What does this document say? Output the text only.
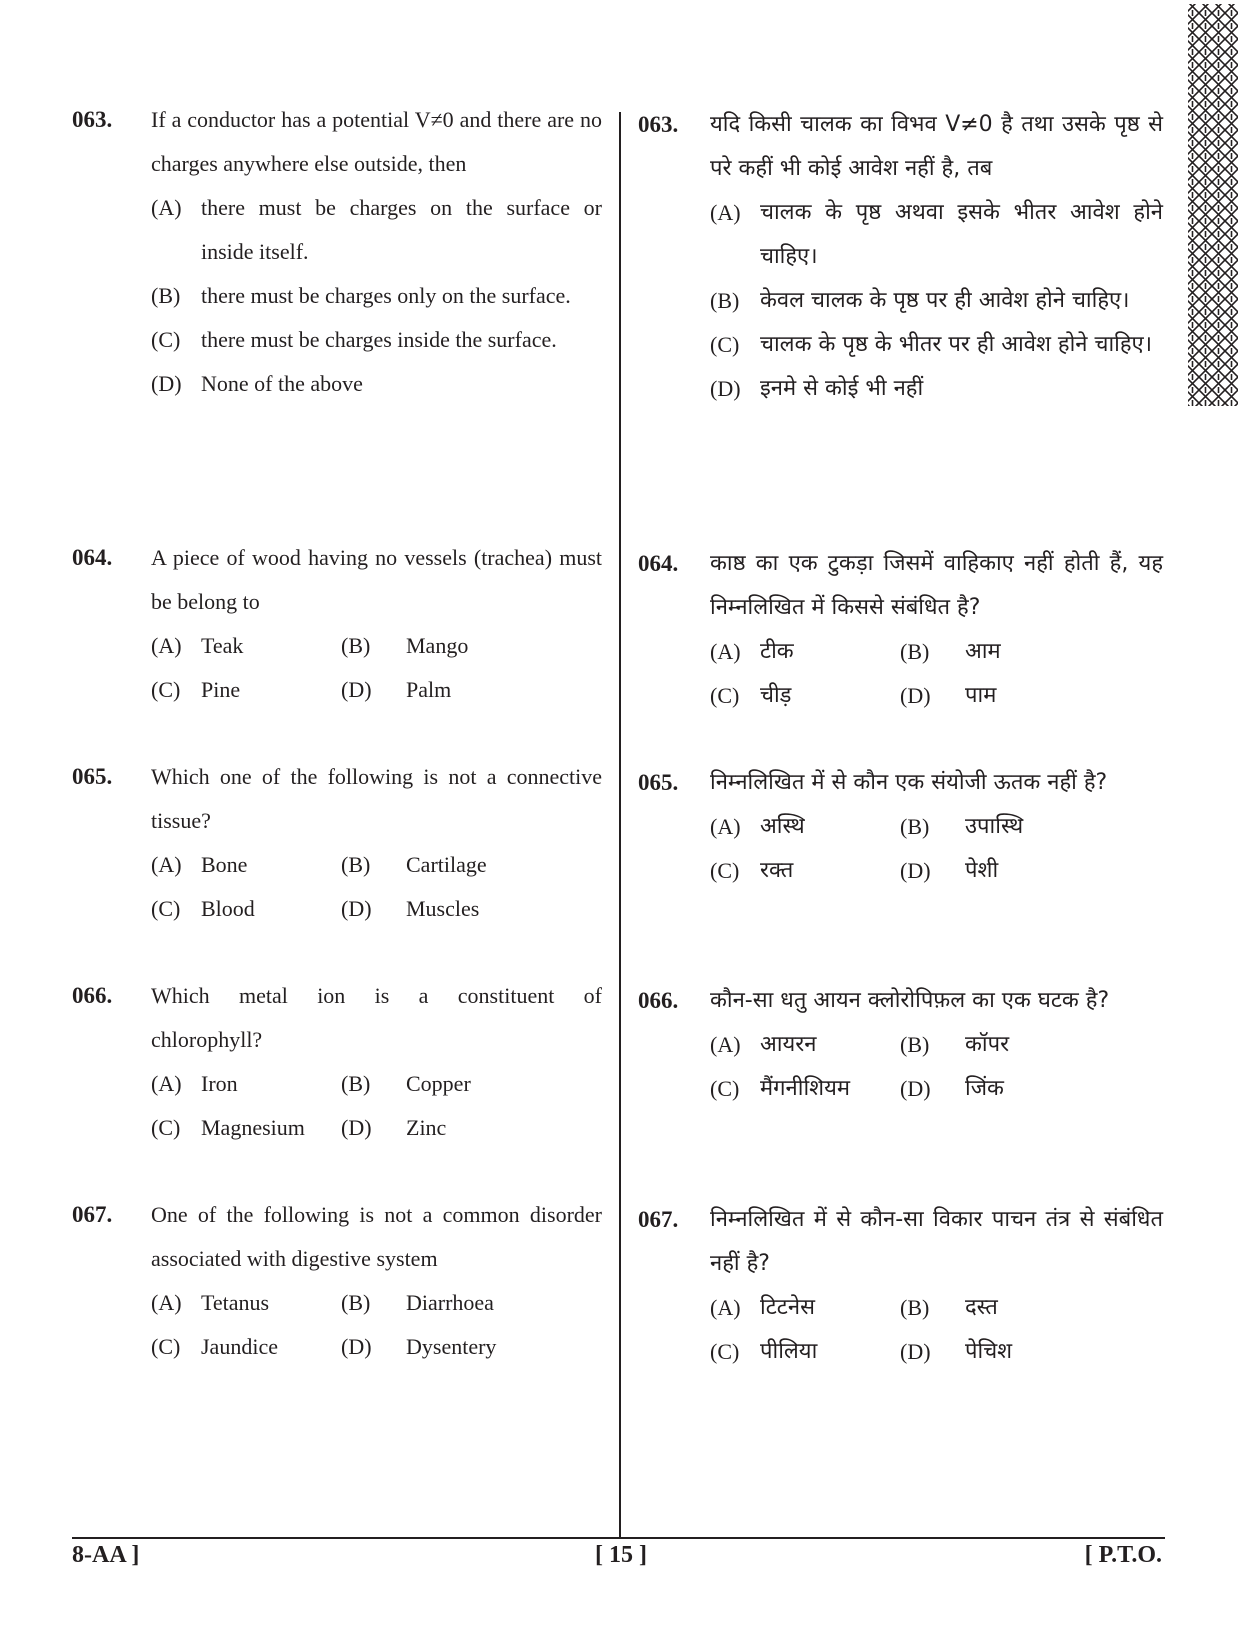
063. If a conductor has a potential V≠0 and there are no charges anywhere else outside, then
(A) there must be charges on the surface or inside itself.
(B) there must be charges only on the surface.
(C) there must be charges inside the surface.
(D) None of the above
064. A piece of wood having no vessels (trachea) must be belong to
(A) Teak	(B) Mango
(C) Pine	(D) Palm
065. Which one of the following is not a connective tissue?
(A) Bone	(B) Cartilage
(C) Blood	(D) Muscles
066. Which metal ion is a constituent of chlorophyll?
(A) Iron	(B) Copper
(C) Magnesium	(D) Zinc
067. One of the following is not a common disorder associated with digestive system
(A) Tetanus	(B) Diarrhoea
(C) Jaundice	(D) Dysentery
063. यदि किसी चालक का विभव V≠0 है तथा उसके पृष्ठ से परे कहीं भी कोई आवेश नहीं है, तब
(A) चालक के पृष्ठ अथवा इसके भीतर आवेश होने चाहिए।
(B) केवल चालक के पृष्ठ पर ही आवेश होने चाहिए।
(C) चालक के पृष्ठ के भीतर पर ही आवेश होने चाहिए।
(D) इनमे से कोई भी नहीं
064. काष्ठ का एक टुकड़ा जिसमें वाहिकाए नहीं होती हैं, यह निम्नलिखित में किससे संबंधित है?
(A) टीक	(B) आम
(C) चीड़	(D) पाम
065. निम्नलिखित में से कौन एक संयोजी ऊतक नहीं है?
(A) अस्थि	(B) उपास्थि
(C) रक्त	(D) पेशी
066. कौन-सा धतु आयन क्लोरोपिफ़ल का एक घटक है?
(A) आयरन	(B) कॉपर
(C) मैंगनीशियम	(D) जिंक
067. निम्नलिखित में से कौन-सा विकार पाचन तंत्र से संबंधित नहीं है?
(A) टिटनेस	(B) दस्त
(C) पीलिया	(D) पेचिश
8-AA ]	[ 15 ]	[ P.T.O.
